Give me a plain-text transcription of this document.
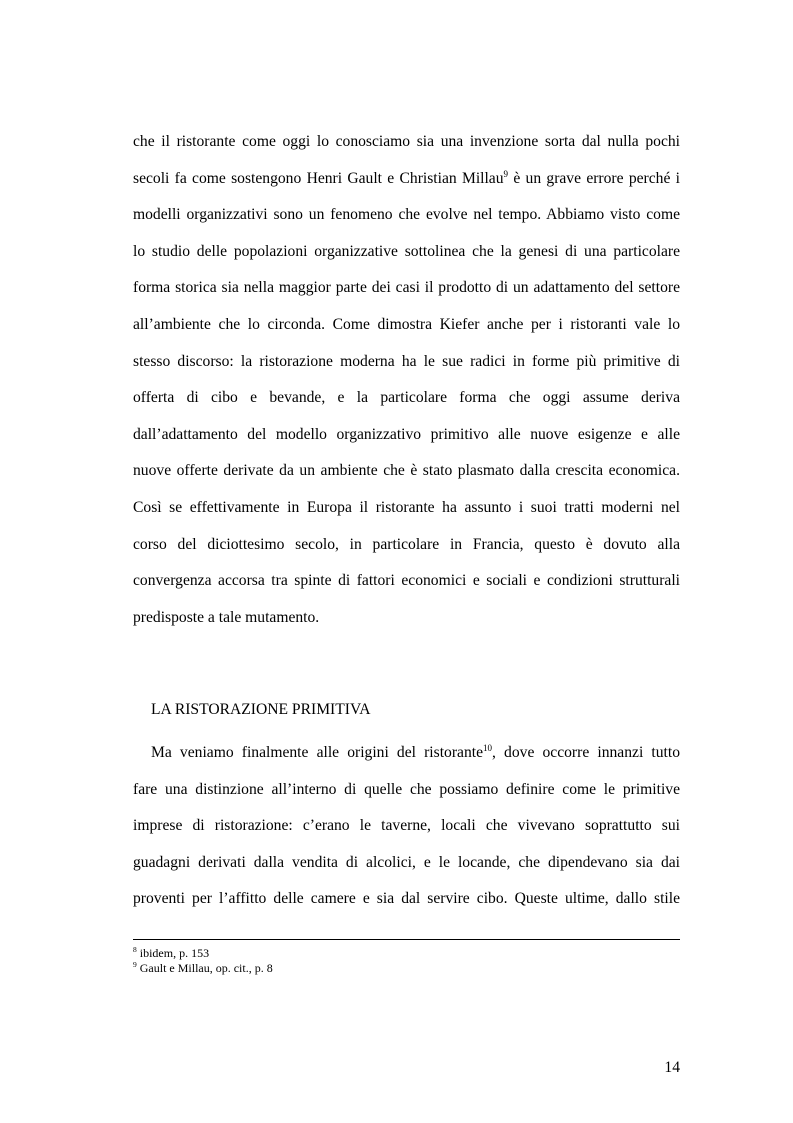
che il ristorante come oggi lo conosciamo sia una invenzione sorta dal nulla pochi
secoli fa come sostengono Henri Gault e Christian Millau$^9$ è un grave errore perché i
modelli organizzativi sono un fenomeno che evolve nel tempo. Abbiamo visto come
lo studio delle popolazioni organizzative sottolinea che la genesi di una particolare
forma storica sia nella maggior parte dei casi il prodotto di un adattamento del settore
all’ambiente che lo circonda. Come dimostra Kiefer anche per i ristoranti vale lo
stesso discorso: la ristorazione moderna ha le sue radici in forme più primitive di
offerta di cibo e bevande, e la particolare forma che oggi assume deriva
dall’adattamento del modello organizzativo primitivo alle nuove esigenze e alle
nuove offerte derivate da un ambiente che è stato plasmato dalla crescita economica.
Così se effettivamente in Europa il ristorante ha assunto i suoi tratti moderni nel
corso del diciottesimo secolo, in particolare in Francia, questo è dovuto alla
convergenza accorsa tra spinte di fattori economici e sociali e condizioni strutturali
predisposte a tale mutamento.
LA RISTORAZIONE PRIMITIVA
Ma veniamo finalmente alle origini del ristorante$^{10}$, dove occorre innanzi tutto
fare una distinzione all’interno di quelle che possiamo definire come le primitive
imprese di ristorazione: c’erano le taverne, locali che vivevano soprattutto sui
guadagni derivati dalla vendita di alcolici, e le locande, che dipendevano sia dai
proventi per l’affitto delle camere e sia dal servire cibo. Queste ultime, dallo stile
$^8$ ibidem, p. 153
$^9$ Gault e Millau, op. cit., p. 8
14
